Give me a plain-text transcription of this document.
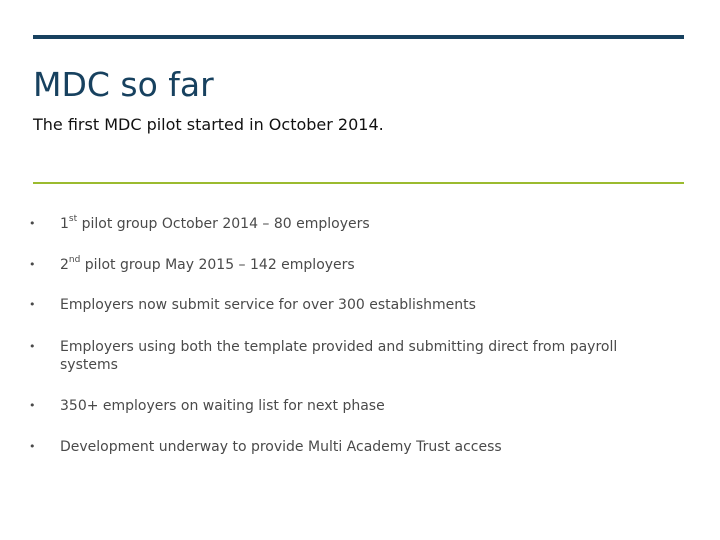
MDC so far
The first MDC pilot started in October 2014.
• 1st pilot group October 2014 – 80 employers
• 2nd pilot group May 2015 – 142 employers
• Employers now submit service for over 300 establishments
• Employers using both the template provided and submitting direct from payroll systems
• 350+ employers on waiting list for next phase
• Development underway to provide Multi Academy Trust access
